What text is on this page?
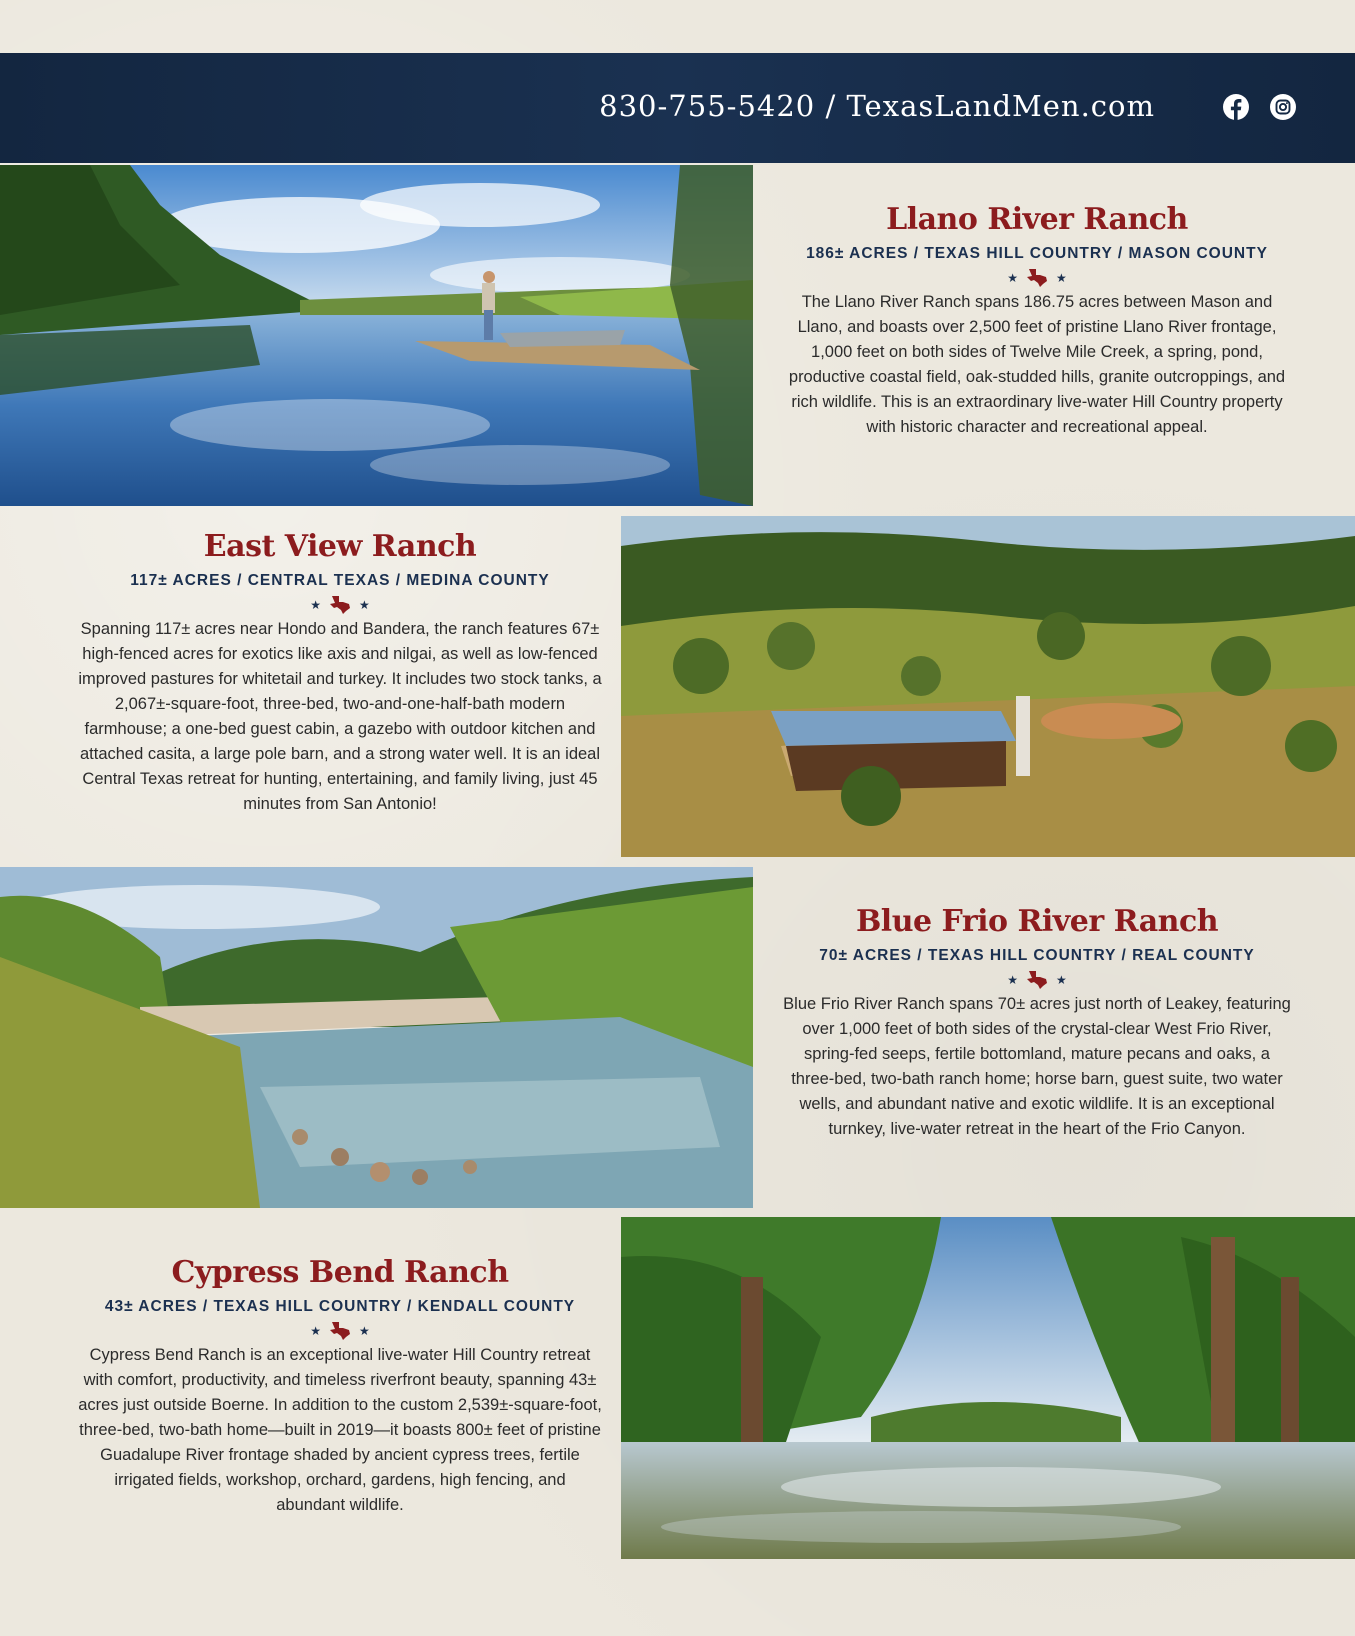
830-755-5420 / TexasLandMen.com
Llano River Ranch
186± ACRES / TEXAS HILL COUNTRY / MASON COUNTY
★	★
The Llano River Ranch spans 186.75 acres between Mason and Llano, and boasts over 2,500 feet of pristine Llano River frontage, 1,000 feet on both sides of Twelve Mile Creek, a spring, pond, productive coastal field, oak-studded hills, granite outcroppings, and rich wildlife. This is an extraordinary live-water Hill Country property with historic character and recreational appeal.
East View Ranch
117± ACRES / CENTRAL TEXAS / MEDINA COUNTY
★	★
Spanning 117± acres near Hondo and Bandera, the ranch features 67± high-fenced acres for exotics like axis and nilgai, as well as low-fenced improved pastures for whitetail and turkey. It includes two stock tanks, a 2,067±-square-foot, three-bed, two-and-one-half-bath modern farmhouse; a one-bed guest cabin, a gazebo with outdoor kitchen and attached casita, a large pole barn, and a strong water well. It is an ideal Central Texas retreat for hunting, entertaining, and family living, just 45 minutes from San Antonio!
Blue Frio River Ranch
70± ACRES / TEXAS HILL COUNTRY / REAL COUNTY
★	★
Blue Frio River Ranch spans 70± acres just north of Leakey, featuring over 1,000 feet of both sides of the crystal-clear West Frio River, spring-fed seeps, fertile bottomland, mature pecans and oaks, a three-bed, two-bath ranch home; horse barn, guest suite, two water wells, and abundant native and exotic wildlife. It is an exceptional turnkey, live-water retreat in the heart of the Frio Canyon.
Cypress Bend Ranch
43± ACRES / TEXAS HILL COUNTRY / KENDALL COUNTY
★	★
Cypress Bend Ranch is an exceptional live-water Hill Country retreat with comfort, productivity, and timeless riverfront beauty, spanning 43± acres just outside Boerne. In addition to the custom 2,539±-square-foot, three-bed, two-bath home—built in 2019—it boasts 800± feet of pristine Guadalupe River frontage shaded by ancient cypress trees, fertile irrigated fields, workshop, orchard, gardens, high fencing, and abundant wildlife.
